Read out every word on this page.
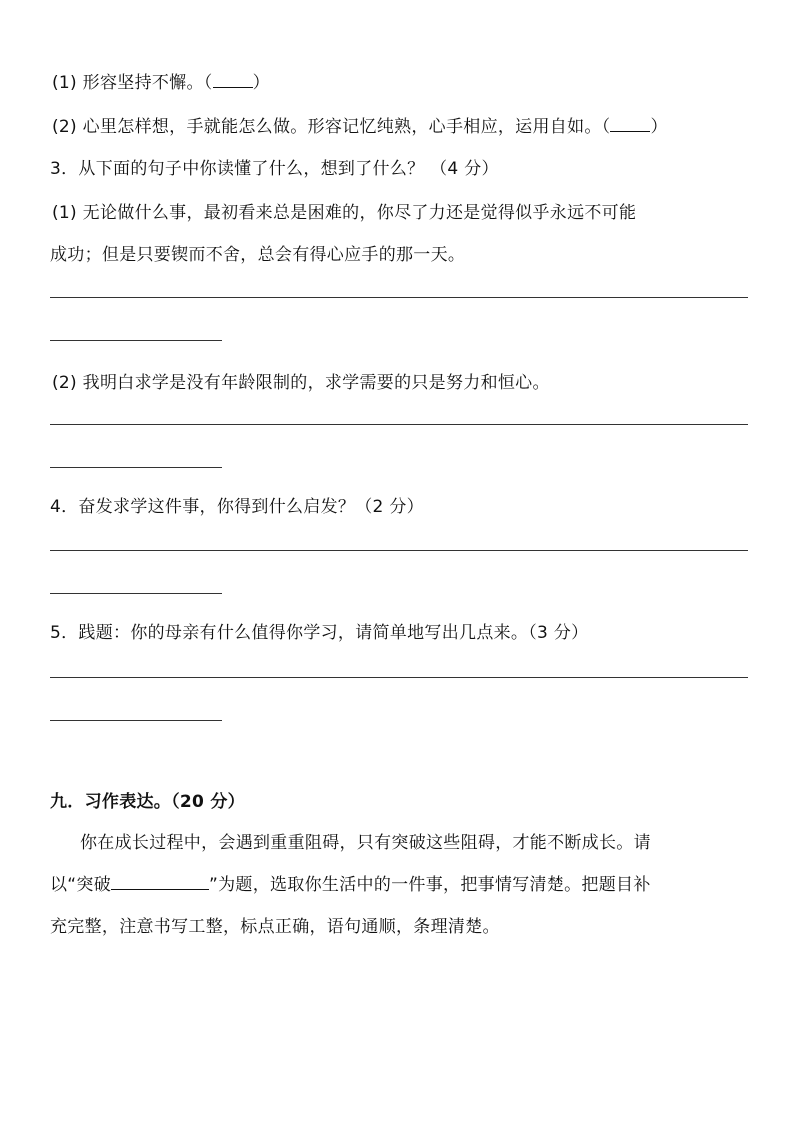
(1) 形容坚持不懈。（ ）
(2) 心里怎样想，手就能怎么做。形容记忆纯熟，心手相应，运用自如。（ ）
3．从下面的句子中你读懂了什么，想到了什么？ （4 分）
(1) 无论做什么事，最初看来总是困难的，你尽了力还是觉得似乎永远不可能
成功；但是只要锲而不舍，总会有得心应手的那一天。
(2) 我明白求学是没有年龄限制的，求学需要的只是努力和恒心。
4．奋发求学这件事，你得到什么启发？（2 分）
5．践题：你的母亲有什么值得你学习，请简单地写出几点来。（3 分）
九．习作表达。（20 分）
你在成长过程中，会遇到重重阻碍，只有突破这些阻碍，才能不断成长。请
以“突破	”为题，选取你生活中的一件事，把事情写清楚。把题目补
充完整，注意书写工整，标点正确，语句通顺，条理清楚。
